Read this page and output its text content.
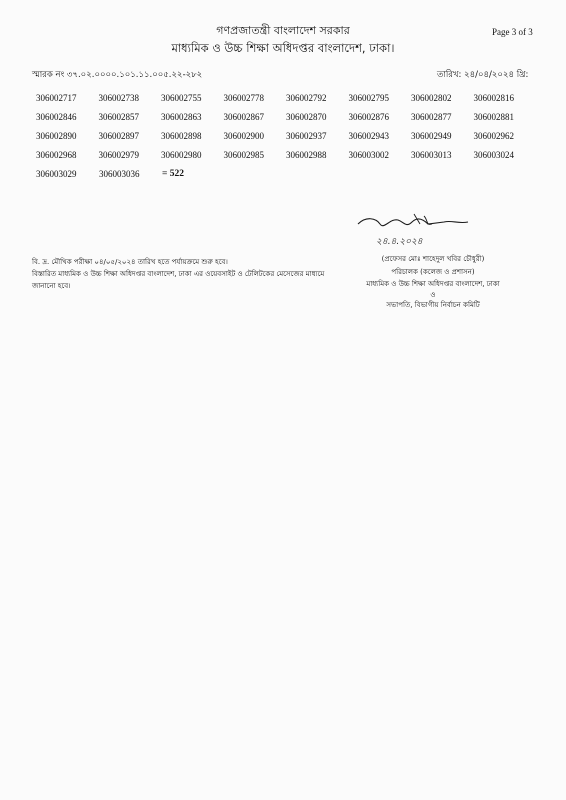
গণপ্রজাতন্ত্রী বাংলাদেশ সরকার
মাধ্যমিক ও উচ্চ শিক্ষা অধিদপ্তর বাংলাদেশ, ঢাকা।
Page 3 of 3
স্মারক নং ৩৭.০২.০০০০.১০১.১১.০০৫.২২-২৮২	তারিখ: ২৪/০৪/২০২৪ খ্রি:
306002717	306002738	306002755	306002778	306002792	306002795	306002802	306002816
306002846	306002857	306002863	306002867	306002870	306002876	306002877	306002881
306002890	306002897	306002898	306002900	306002937	306002943	306002949	306002962
306002968	306002979	306002980	306002985	306002988	306003002	306003013	306003024
306003029	306003036	= 522
২৪.৪.২০২৪
(প্রফেসর মোঃ শাহেদুল খবির চৌধুরী)
পরিচালক (কলেজ ও প্রশাসন)
মাধ্যমিক ও উচ্চ শিক্ষা অধিদপ্তর বাংলাদেশ, ঢাকা
ও
সভাপতি, বিভাগীয় নির্বাচন কমিটি
বি. দ্র. মৌখিক পরীক্ষা ০৪/০৫/২০২৪ তারিখ হতে পর্যায়ক্রমে শুরু হবে।
বিস্তারিত মাধ্যমিক ও উচ্চ শিক্ষা অধিদপ্তর বাংলাদেশ, ঢাকা এর ওয়েবসাইট ও টেলিটকের মেসেজের মাধ্যমে জানানো হবে।
